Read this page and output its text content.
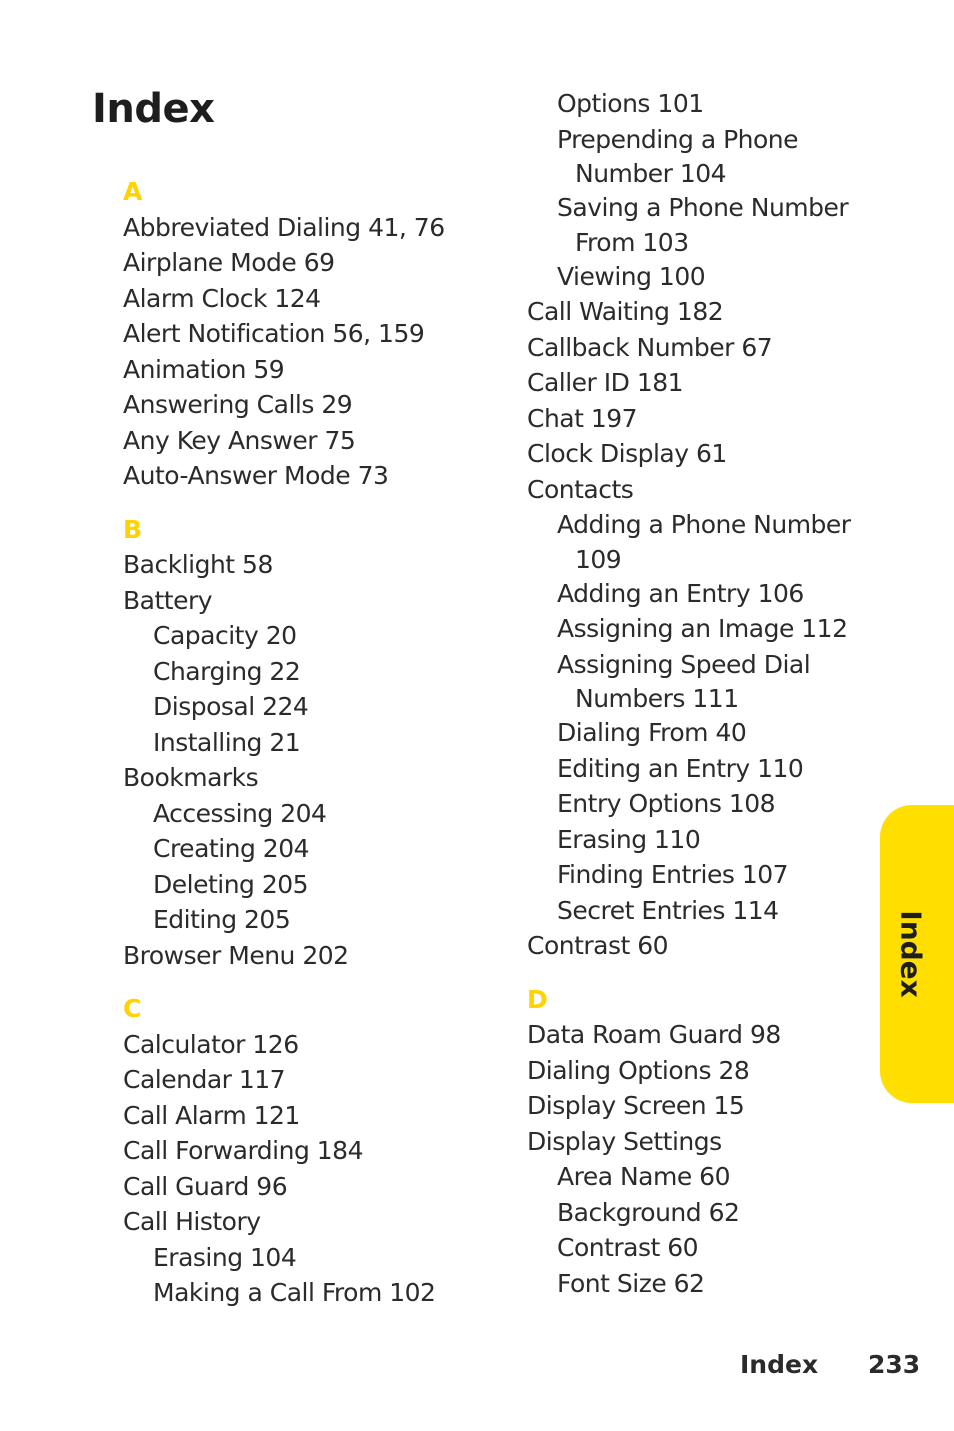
Index
A
Abbreviated Dialing 41, 76
Airplane Mode 69
Alarm Clock 124
Alert Notification 56, 159
Animation 59
Answering Calls 29
Any Key Answer 75
Auto-Answer Mode 73
B
Backlight 58
Battery
Capacity 20
Charging 22
Disposal 224
Installing 21
Bookmarks
Accessing 204
Creating 204
Deleting 205
Editing 205
Browser Menu 202
C
Calculator 126
Calendar 117
Call Alarm 121
Call Forwarding 184
Call Guard 96
Call History
Erasing 104
Making a Call From 102
Options 101
Prepending a Phone
Number 104
Saving a Phone Number
From 103
Viewing 100
Call Waiting 182
Callback Number 67
Caller ID 181
Chat 197
Clock Display 61
Contacts
Adding a Phone Number
109
Adding an Entry 106
Assigning an Image 112
Assigning Speed Dial
Numbers 111
Dialing From 40
Editing an Entry 110
Entry Options 108
Erasing 110
Finding Entries 107
Secret Entries 114
Contrast 60
D
Data Roam Guard 98
Dialing Options 28
Display Screen 15
Display Settings
Area Name 60
Background 62
Contrast 60
Font Size 62
Index
Index 233
